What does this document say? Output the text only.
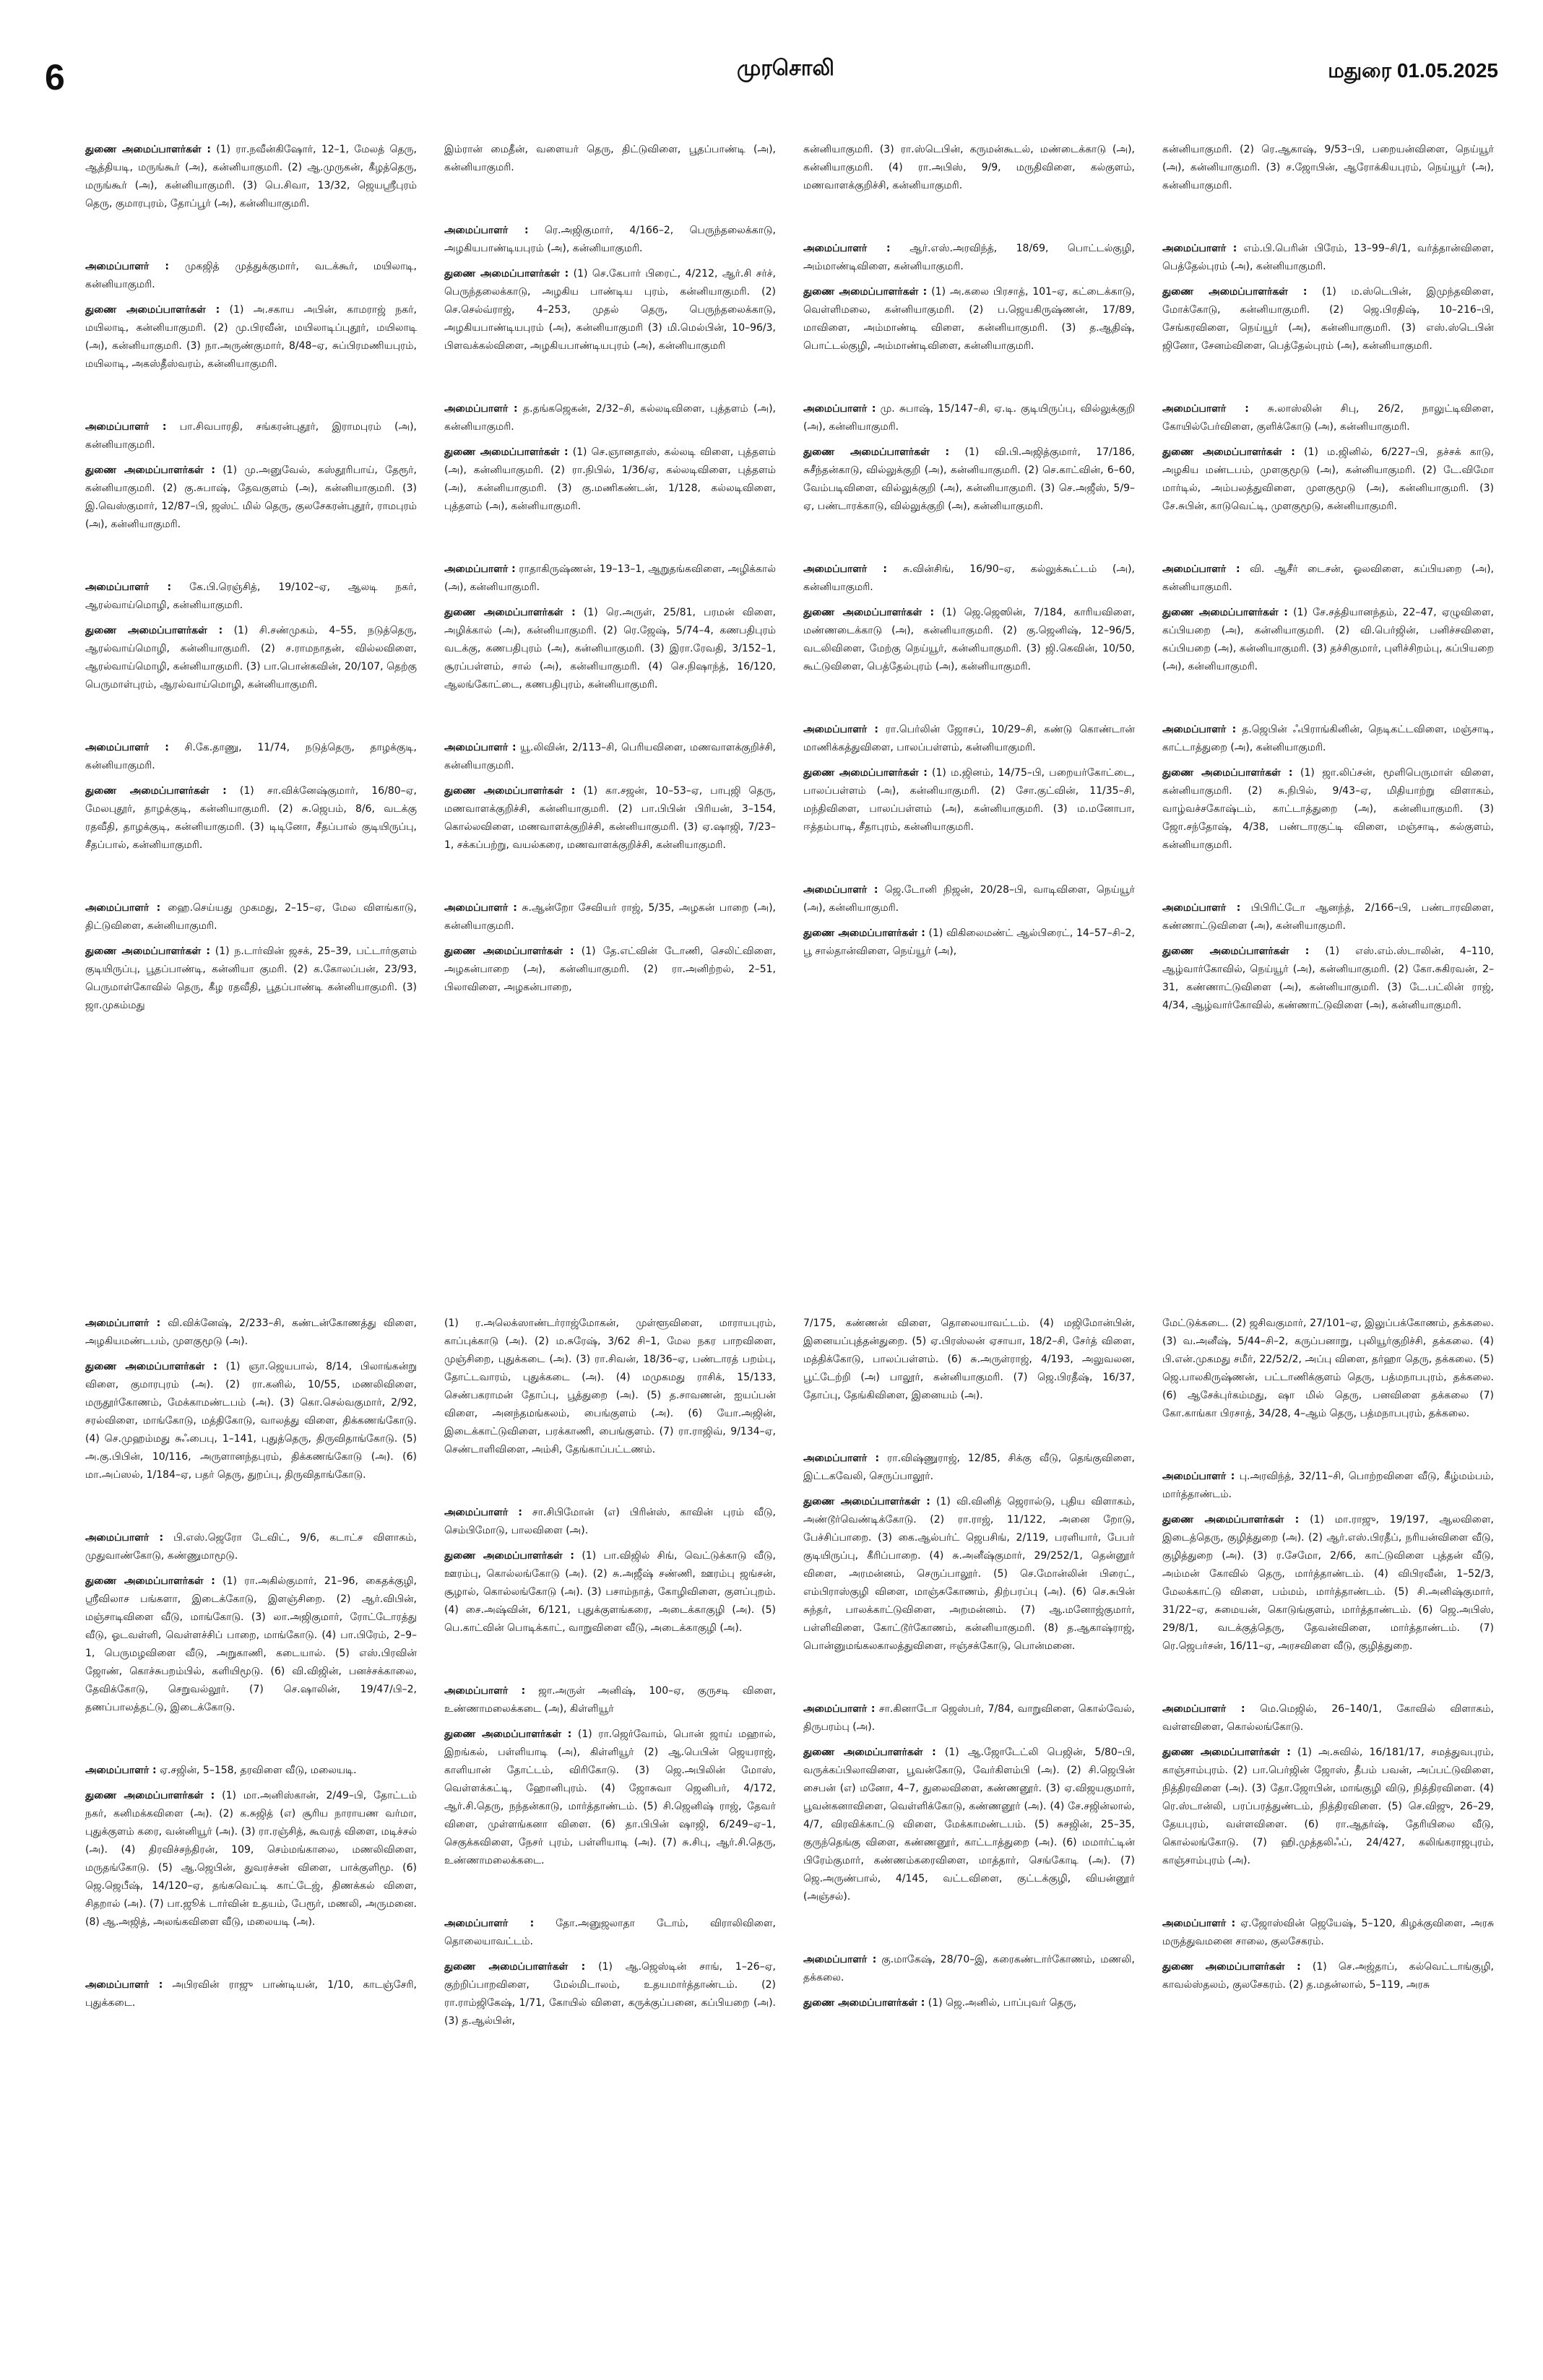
6	முரசொலி	மதுரை 01.05.2025

துணை அமைப்பாளர்கள் : (1) ரா.நவீன்கிஷோர், 12–1, மேலத் தெரு, ஆத்தியடி, மருங்கூர் (அ), கன்னியாகுமரி. (2) ஆ.முருகன், கீழத்தெரு, மருங்கூர் (அ), கன்னியாகுமரி. (3) பெ.சிவா, 13/32, ஜெயஸ்ரீபுரம் தெரு, குமாரபுரம், தோப்பூர் (அ), கன்னியாகுமரி.

அமைப்பாளர் : முகஜித் முத்துக்குமார், வடக்கூர், மயிலாடி, கன்னியாகுமரி.

துணை அமைப்பாளர்கள் : (1) அ.சகாய அபின், காமராஜ் நகர், மயிலாடி, கன்னியாகுமரி. (2) மு.பிரவீன், மயிலாடிப்புதூர், மயிலாடி (அ), கன்னியாகுமரி. (3) நா.அருண்குமார், 8/48–ஏ, சுப்பிரமணியபுரம், மயிலாடி, அகஸ்தீஸ்வரம், கன்னியாகுமரி.

அமைப்பாளர் : பா.சிவபாரதி, சங்கரன்புதூர், இராமபுரம் (அ), கன்னியாகுமரி.

துணை அமைப்பாளர்கள் : (1) மு.அனுவேல், கஸ்தூரிபாய், தேரூர், கன்னியாகுமரி. (2) கு.சுபாஷ், தேவகுளம் (அ), கன்னியாகுமரி. (3) இ.வெஸ்குமார், 12/87–பி, ஜஸ்ட் மில் தெரு, குலசேகரன்புதூர், ராமபுரம் (அ), கன்னியாகுமரி.

அமைப்பாளர் : கே.பி.ரெஞ்சித், 19/102–ஏ, ஆலடி நகர், ஆரல்வாய்மொழி, கன்னியாகுமரி.

துணை அமைப்பாளர்கள் : (1) சி.சண்முகம், 4–55, நடுத்தெரு, ஆரல்வாய்மொழி, கன்னியாகுமரி. (2) ச.ராமநாதன், வில்லவிளை, ஆரல்வாய்மொழி, கன்னியாகுமரி. (3) பா.பொன்கவின், 20/107, தெற்கு பெருமாள்புரம், ஆரல்வாய்மொழி, கன்னியாகுமரி.

அமைப்பாளர் : சி.கே.தாணு, 11/74, நடுத்தெரு, தாழக்குடி, கன்னியாகுமரி.

துணை அமைப்பாளர்கள் : (1) சா.விக்னேஷ்குமார், 16/80–ஏ, மேலபுதூர், தாழக்குடி, கன்னியாகுமரி. (2) சு.ஜெபம், 8/6, வடக்கு ரதவீதி, தாழக்குடி, கன்னியாகுமரி. (3) டிடினோ, சீதப்பால் குடியிருப்பு, சீதப்பால், கன்னியாகுமரி.

அமைப்பாளர் : ஹை.செய்யது முகமது, 2–15–ஏ, மேல விளங்காடு, திட்டுவிளை, கன்னியாகுமரி.

துணை அமைப்பாளர்கள் : (1) ந.டார்வின் ஜசக், 25–39, பட்டார்குளம் குடியிருப்பு, பூதப்பாண்டி, கன்னியா குமரி. (2) க.கோலப்பன், 23/93, பெருமாள்கோவில் தெரு, கீழ ரதவீதி, பூதப்பாண்டி கன்னியாகுமரி. (3) ஜா.முகம்மது

இம்ரான் மைதீன், வளையர் தெரு, திட்டுவிளை, பூதப்பாண்டி (அ), கன்னியாகுமரி.

அமைப்பாளர் : ரெ.அஜிகுமார், 4/166–2, பெருந்தலைக்காடு, அழகியபாண்டியபுரம் (அ), கன்னியாகுமரி.

துணை அமைப்பாளர்கள் : (1) செ.கேபார் பிரைட், 4/212, ஆர்.சி சர்ச், பெருந்தலைக்காடு, அழகிய பாண்டிய புரம், கன்னியாகுமரி. (2) செ.செல்வ்ராஜ், 4–253, முதல் தெரு, பெருந்தலைக்காடு, அழகியபாண்டியபுரம் (அ), கன்னியாகுமரி (3) மி.மெல்பின், 10–96/3, பிளவக்கல்விளை, அழகியபாண்டியபுரம் (அ), கன்னியாகுமரி

அமைப்பாளர் : த.தங்கஜெகன், 2/32–சி, கல்லடிவிளை, புத்தளம் (அ), கன்னியாகுமரி.

துணை அமைப்பாளர்கள் : (1) செ.ஞானதாஸ், கல்லடி விளை, புத்தளம் (அ), கன்னியாகுமரி. (2) ரா.நிபில், 1/36/ஏ, கல்லடிவிளை, புத்தளம் (அ), கன்னியாகுமரி. (3) கு.மணிகண்டன், 1/128, கல்லடிவிளை, புத்தளம் (அ), கன்னியாகுமரி.

அமைப்பாளர் : ராதாகிருஷ்ணன், 19–13–1, ஆறுதங்கவிளை, அழிக்கால் (அ), கன்னியாகுமரி.

துணை அமைப்பாளர்கள் : (1) ரெ.அருள், 25/81, பரமன் விளை, அழிக்கால் (அ), கன்னியாகுமரி. (2) ரெ.ஜேஷ், 5/74–4, கணபதிபுரம் வடக்கு, கணபதிபுரம் (அ), கன்னியாகுமரி. (3) இரா.ரேவதி, 3/152–1, சூரப்பள்ளம், சால் (அ), கன்னியாகுமரி. (4) செ.நிஷாந்த், 16/120, ஆலங்கோட்டை, கணபதிபுரம், கன்னியாகுமரி.

அமைப்பாளர் : யூ.லிவின், 2/113–சி, பெரியவிளை, மணவாளக்குறிச்சி, கன்னியாகுமரி.

துணை அமைப்பாளர்கள் : (1) கா.சஜன், 10–53–ஏ, பாபுஜி தெரு, மணவாளக்குறிச்சி, கன்னியாகுமரி. (2) பா.பிபின் பிரியன், 3–154, கொல்லவிளை, மணவாளக்குறிச்சி, கன்னியாகுமரி. (3) ஏ.ஷாஜி, 7/23–1, சக்கப்பற்று, வயல்கரை, மணவாளக்குறிச்சி, கன்னியாகுமரி.

அமைப்பாளர் : சு.ஆன்றோ சேவியர் ராஜ், 5/35, அழகன் பாறை (அ), கன்னியாகுமரி.

துணை அமைப்பாளர்கள் : (1) தே.எட்வின் டோணி, செலிட்விளை, அழகன்பாறை (அ), கன்னியாகுமரி. (2) ரா.அனிற்றல், 2–51, பிலாவிளை, அழகன்பாறை,

கன்னியாகுமரி. (3) ரா.ஸ்டெபின், கருமன்கூடல், மண்டைக்காடு (அ), கன்னியாகுமரி. (4) ரா.அபிஸ், 9/9, மருதிவிளை, கல்குளம், மணவாளக்குறிச்சி, கன்னியாகுமரி.

அமைப்பாளர் : ஆர்.எஸ்.அரவிந்த், 18/69, பொட்டல்குழி, அம்மாண்டிவிளை, கன்னியாகுமரி.

துணை அமைப்பாளர்கள் : (1) அ.கலை பிரசாத், 101–ஏ, கட்டைக்காடு, வெள்ளிமலை, கன்னியாகுமரி. (2) ப.ஜெயகிருஷ்ணன், 17/89, மாவிளை, அம்மாண்டி விளை, கன்னியாகுமரி. (3) த.ஆதிஷ், பொட்டல்குழி, அம்மாண்டிவிளை, கன்னியாகுமரி.

அமைப்பாளர் : மு. சுபாஷ், 15/147–சி, ஏ.டி. குடியிருப்பு, வில்லுக்குறி (அ), கன்னியாகுமரி.

துணை அமைப்பாளர்கள் : (1) வி.பி.அஜித்குமார், 17/186, சுசீந்தன்காடு, வில்லுக்குறி (அ), கன்னியாகுமரி. (2) செ.காட்வின், 6–60, வேம்படிவிளை, வில்லுக்குறி (அ), கன்னியாகுமரி. (3) செ.அஜீஸ், 5/9–ஏ, பண்டாரக்காடு, வில்லுக்குறி (அ), கன்னியாகுமரி.

அமைப்பாளர் : சு.வின்சிங், 16/90–ஏ, கல்லுக்கூட்டம் (அ), கன்னியாகுமரி.

துணை அமைப்பாளர்கள் : (1) ஜெ.ஜெஸின், 7/184, காரியவிளை, மண்ணடைக்காடு (அ), கன்னியாகுமரி. (2) கு.ஜெனிஷ், 12–96/5, வடலிவிளை, மேற்கு நெய்யூர், கன்னியாகுமரி. (3) ஜி.கெவின், 10/50, கூட்டுவிளை, பெத்தேல்புரம் (அ), கன்னியாகுமரி.

அமைப்பாளர் : ரா.பெர்லின் ஜோசப், 10/29–சி, கண்டு கொண்டான் மாணிக்கத்துவிளை, பாலப்பள்ளம், கன்னியாகுமரி.

துணை அமைப்பாளர்கள் : (1) ம.ஜினம், 14/75–பி, பறையர்கோட்டை, பாலப்பள்ளம் (அ), கன்னியாகுமரி. (2) சோ.குட்வின், 11/35–சி, மந்திவிளை, பாலப்பள்ளம் (அ), கன்னியாகுமரி. (3) ம.மனோபா, ஈத்தம்பாடி, சீதாபுரம், கன்னியாகுமரி.

அமைப்பாளர் : ஜெ.டோனி நிஜன், 20/28–பி, வாடிவிளை, நெய்யூர் (அ), கன்னியாகுமரி.

துணை அமைப்பாளர்கள் : (1) விகிலைமண்ட் ஆல்பிரைட், 14–57–சி–2, பூ சால்தான்விளை, நெய்யூர் (அ),

கன்னியாகுமரி. (2) ரெ.ஆகாஷ், 9/53–பி, பறையன்விளை, நெய்யூர் (அ), கன்னியாகுமரி. (3) ச.ஜோபின், ஆரோக்கியபுரம், நெய்யூர் (அ), கன்னியாகுமரி.

அமைப்பாளர் : எம்.பி.பெரின் பிரேம், 13–99–சி/1, வர்த்தான்விளை, பெத்தேல்புரம் (அ), கன்னியாகுமரி.

துணை அமைப்பாளர்கள் : (1) ம.ஸ்டெபின், இமுந்தவிளை, மோக்கோடு, கன்னியாகுமரி. (2) ஜெ.பிரதிஷ், 10–216–பி, சேங்கரவிளை, நெய்யூர் (அ), கன்னியாகுமரி. (3) எஸ்.ஸ்டெபின் ஜினோ, சேனம்விளை, பெத்தேல்புரம் (அ), கன்னியாகுமரி.

அமைப்பாளர் : சு.லாஸ்லின் சிபு, 26/2, நாலுட்டிவிளை, கோயில்பேர்விளை, குளிக்கோடு (அ), கன்னியாகுமரி.

துணை அமைப்பாளர்கள் : (1) ம.ஜினில், 6/227–பி, தச்சக் காடு, அழகிய மண்டபம், முளகுமூடு (அ), கன்னியாகுமரி. (2) டே.விமோ மார்டில், அம்பலத்துவிளை, முளகுமூடு (அ), கன்னியாகுமரி. (3) சே.சுபின், காடுவெட்டி, முளகுமூடு, கன்னியாகுமரி.

அமைப்பாளர் : வி. ஆசீர் டைசன், ஓலவிளை, கப்பியறை (அ), கன்னியாகுமரி.

துணை அமைப்பாளர்கள் : (1) சே.சத்தியானந்தம், 22–47, ஏழுவிளை, கப்பியறை (அ), கன்னியாகுமரி. (2) வி.பெர்ஜின், பனிச்சவிளை, கப்பியறை (அ), கன்னியாகுமரி. (3) தச்சிகுமார், புளிச்சிறம்பு, கப்பியறை (அ), கன்னியாகுமரி.

அமைப்பாளர் : த.ஜெபின் ஃபிராங்கினின், நெடிகட்டவிளை, மஞ்சாடி, காட்டாத்துறை (அ), கன்னியாகுமரி.

துணை அமைப்பாளர்கள் : (1) ஜா.லிப்சன், மூளிபெருமாள் விளை, கன்னியாகுமரி. (2) சு.நிபில், 9/43–ஏ, மிதியாற்று விளாகம், வாழ்வச்சகோஷ்டம், காட்டாத்துறை (அ), கன்னியாகுமரி. (3) ஜோ.சந்தோஷ், 4/38, பண்டாரகுட்டி விளை, மஞ்சாடி, கல்குளம், கன்னியாகுமரி.

அமைப்பாளர் : பிபிரிட்டோ ஆனந்த், 2/166–பி, பண்டாரவிளை, கண்ணாட்டுவிளை (அ), கன்னியாகுமரி.

துணை அமைப்பாளர்கள் : (1) எஸ்.எம்.ஸ்டாலின், 4–110, ஆழ்வார்கோவில், நெய்யூர் (அ), கன்னியாகுமரி. (2) கோ.சுகிரவன், 2–31, கண்ணாட்டுவிளை (அ), கன்னியாகுமரி. (3) டே.பட்லின் ராஜ், 4/34, ஆழ்வார்கோவில், கண்ணாட்டுவிளை (அ), கன்னியாகுமரி.

அமைப்பாளர் : வி.விக்னேஷ், 2/233–சி, கண்டன்கோணத்து விளை, அழகியமண்டபம், முளகுமூடு (அ).

துணை அமைப்பாளர்கள் : (1) ஞா.ஜெயபால், 8/14, பிலாங்கன்று விளை, குமாரபுரம் (அ). (2) ரா.கனில், 10/55, மணலிவிளை, மருதூர்கோணம், மேக்காமண்டபம் (அ). (3) கொ.செல்வகுமார், 2/92, சரல்விளை, மாங்கோடு, மத்திகோடு, வாலத்து விளை, திக்கணங்கோடு. (4) செ.முஹம்மது சுஃபைபு, 1–141, புதுத்தெரு, திருவிதாங்கோடு. (5) அ.கு.பிபின், 10/116, அருளானந்தபுரம், திக்கணங்கோடு (அ). (6) மா.அப்ஸல், 1/184–ஏ, பதர் தெரு, துறப்பு, திருவிதாங்கோடு.

அமைப்பாளர் : பி.எஸ்.ஜெரோ டேவிட், 9/6, கடாட்ச விளாகம், முதுவாண்கோடு, கண்ணுமாமூடு.

துணை அமைப்பாளர்கள் : (1) ரா.அகில்குமார், 21–96, கைதக்குழி, ஸ்ரீவிலாச பங்களா, இடைக்கோடு, இளஞ்சிறை. (2) ஆர்.விபின், மஞ்சாடிவிளை வீடு, மாங்கோடு. (3) லா.அஜிகுமார், ரோட்டோரத்து வீடு, ஓடவள்ளி, வெள்ளச்சிப் பாறை, மாங்கோடு. (4) பா.பிரேம், 2–9–1, பெருமழவிளை வீடு, அறுகாணி, கடையால். (5) எஸ்.பிரவின் ஜோண், கொச்சுபறம்பில், களியிமூடு. (6) வி.விஜின், பனச்சக்காலை, தேவிக்கோடு, செறுவல்லூர். (7) செ.ஷாலின், 19/47/பி–2, தணப்பாலத்தட்டு, இடைக்கோடு.

அமைப்பாளர் : ஏ.சஜின், 5–158, தரவிளை வீடு, மலையடி.

துணை அமைப்பாளர்கள் : (1) மா.அனிஸ்கான், 2/49–பி, தோட்டம் நகர், கனிமக்கவிளை (அ). (2) க.சுஜித் (எ) சூரிய நாராயண வர்மா, புதுக்குளம் கரை, வன்னியூர் (அ). (3) ரா.ரஞ்சித், கூவரத் விளை, மடிச்சல் (அ). (4) திரவிச்சந்திரன், 109, செம்மங்காலை, மணலிவிளை, மருதங்கோடு. (5) ஆ.ஜெபின், துவரச்சன் விளை, பாக்குளிமூ. (6) ஜெ.ஜெபீஷ், 14/120–ஏ, தங்கவெட்டி காட்டேஜ், திணக்கல் விளை, சிதறால் (அ). (7) பா.ஜூக் டார்வின் உதயம், பேரூர், மணலி, அருமனை. (8) ஆ.அஜித், அலங்கவிளை வீடு, மலையடி (அ).

அமைப்பாளர் : அபிரவின் ராஜு பாண்டியன், 1/10, காடஞ்சேரி, புதுக்கடை.

(1) ர.அலெக்ஸாண்டர்ராஜ்மோகன், முள்ளூவிளை, மாராயபுரம், காப்புக்காடு (அ). (2) ம.சுரேஷ், 3/62 சி–1, மேல நகர பாறவிளை, முஞ்சிறை, புதுக்கடை (அ). (3) ரா.சிவன், 18/36–ஏ, பண்டாரத் பறம்பு, தோட்டவாரம், புதுக்கடை (அ). (4) மமுகமது ராசிக், 15/133, செண்பகராமன் தோப்பு, பூத்துறை (அ). (5) த.சாவணன், ஐயப்பன் விளை, அனந்தமங்கலம், பைங்குளம் (அ). (6) யோ.அஜின், இடைக்காட்டுவிளை, பரக்காணி, பைங்குளம். (7) ரா.ராஜிவ், 9/134–ஏ, செண்டாளிவிளை, அம்சி, தேங்காப்பட்டணம்.

அமைப்பாளர் : சா.சிபிமோன் (எ) பிரின்ஸ், காவின் புரம் வீடு, செம்பிமோடு, பாலவிளை (அ).

துணை அமைப்பாளர்கள் : (1) பா.விஜில் சிங், வெட்டுக்காடு வீடு, ஊரம்பு, கொல்லங்கோடு (அ). (2) சு.அஜீஷ் சண்ணி, ஊரம்பு ஜங்சன், சூழால், கொல்லங்கோடு (அ). (3) பசாம்நாத், கோழிவிளை, குளப்புறம். (4) சை.அஷ்வின், 6/121, புதுக்குளங்கரை, அடைக்காகுழி (அ). (5) பெ.காட்வின் பொடிக்காட், வாறுவிளை வீடு, அடைக்காகுழி (அ).

அமைப்பாளர் : ஜா.அருள் அனிஷ், 100–ஏ, குருசடி விளை, உண்ணாமலைக்கடை (அ), கிள்ளியூர்

துணை அமைப்பாளர்கள் : (1) ரா.ஜெர்வோம், பொன் ஜாய் மஹால், இறங்கல், பள்ளியாடி (அ), கிள்ளியூர் (2) ஆ.பெபின் ஜெயராஜ், காளியான் தோட்டம், விரிகோடு. (3) ஜெ.அபிலின் மோஸ், வெள்ளக்கட்டி, ஹோனிபுரம். (4) ஜோசுவா ஜெனிபர், 4/172, ஆர்.சி.தெரு, நந்தன்காடு, மார்த்தாண்டம். (5) சி.ஜெனிஷ் ராஜ், தேவர் விளை, முள்ளங்கனா விளை. (6) தா.பிபின் ஷாஜி, 6/249–ஏ–1, செகுக்கவிளை, நேசர் புரம், பள்ளியாடி (அ). (7) சு.சிபு, ஆர்.சி.தெரு, உண்ணாமலைக்கடை.

அமைப்பாளர் : தோ.அனுஜலாதா டோம், விராலிவிளை, தொலையாவட்டம்.

துணை அமைப்பாளர்கள் : (1) ஆ.ஜெஸ்டின் சாங், 1–26–ஏ, குற்றிப்பாறவிளை, மேல்மிடாலம், உதயமார்த்தாண்டம். (2) ரா.ராம்ஜிகேஷ், 1/71, கோயில் விளை, கருக்குப்பனை, கப்பியறை (அ). (3) த.ஆல்பின்,

7/175, கண்ணன் விளை, தொலையாவட்டம். (4) மஜிமோன்பின், இனையப்புத்தன்துறை. (5) ஏ.பிரஸ்லன் ஏசாயா, 18/2–சி, சேர்த் விளை, மத்திக்கோடு, பாலப்பள்ளம். (6) சு.அருள்ராஜ், 4/193, அலுவலன, பூட்டேற்றி (அ) பாலூர், கன்னியாகுமரி. (7) ஜெ.பிரதீஷ், 16/37, தோப்பு, தேங்கிவிளை, இனையம் (அ).

அமைப்பாளர் : ரா.விஷ்ணுராஜ், 12/85, சிக்கு வீடு, தெங்குவிளை, இட்டகவேலி, செருப்பாலூர்.

துணை அமைப்பாளர்கள் : (1) வி.வினித் ஜெரால்டு, புதிய விளாகம், அண்டூர்வெண்டிக்கோடு. (2) ரா.ராஜ், 11/122, அனை றோடு, பேச்சிப்பாறை. (3) கை.ஆல்பர்ட் ஜெபசிங், 2/119, பரளியார், பேபர் குடியிருப்பு, கீரிப்பாறை. (4) சு.அனீஷ்குமார், 29/252/1, தென்னூர் விளை, அரமன்னம், செருப்பாலூர். (5) செ.மோன்லின் பிரைட், எம்பிராஸ்குழி விளை, மாஞ்சுகோணம், திற்பரப்பு (அ). (6) செ.சுபின் சுந்தர், பாலக்காட்டுவிளை, அறமன்னம். (7) ஆ.மனோஜ்குமார், பள்ளிவிளை, கோட்டூர்கோணம், கன்னியாகுமரி. (8) த.ஆகாஷ்ராஜ், பொன்னுமங்கலகாலத்துவிளை, ஈஞ்சக்கோடு, பொன்மனை.

அமைப்பாளர் : சா.கினாடோ ஜெஸ்பர், 7/84, வாறுவிளை, கொல்வேல், திருபரம்பு (அ).

துணை அமைப்பாளர்கள் : (1) ஆ.ஜோடேட்லி பெஜின், 5/80–பி, வருக்கப்பிலாவிளை, பூவன்கோடு, வேர்கிளம்பி (அ). (2) சி.ஜெபின் சைபன் (எ) மனோ, 4–7, துலைவிளை, கண்ணனூர். (3) ஏ.விஜயகுமார், பூவன்கனாவிளை, வெள்ளிக்கோடு, கண்ணனூர் (அ). (4) சே.சஜின்லால், 4/7, விரவிக்காட்டு விளை, மேக்காமண்டபம். (5) சுசஜின், 25–35, குருந்தெங்கு விளை, கண்ணனூர், காட்டாத்துறை (அ). (6) மமார்ட்டின் பிரேம்குமார், கண்ணம்கரைவிளை, மாத்தார், செங்கோடி (அ). (7) ஜெ.அருண்பால், 4/145, வட்டவிளை, குட்டக்குழி, வியன்னூர் (அஞ்சல்).

அமைப்பாளர் : கு.மாகேஷ், 28/70–இ, கரைகண்டார்கோணம், மணலி, தக்கலை.

துணை அமைப்பாளர்கள் : (1) ஜெ.அனில், பாப்புவர் தெரு,

மேட்டுக்கடை. (2) ஜசிவகுமார், 27/101–ஏ, இலுப்பக்கோணம், தக்கலை. (3) வ.அனீஷ், 5/44–சி–2, கருப்பனாறு, புலியூர்குறிச்சி, தக்கலை. (4) பி.என்.முகமது சமீர், 22/52/2, அப்பு விளை, தர்ஹா தெரு, தக்கலை. (5) ஜெ.பாலகிருஷ்ணன், பட்டாணிக்குளம் தெரு, பத்மநாபபுரம், தக்கலை. (6) ஆசேக்புர்கம்மது, ஷா மில் தெரு, பனவிளை தக்கலை (7) கோ.காங்கா பிரசாத், 34/28, 4–ஆம் தெரு, பத்மநாபபுரம், தக்கலை.

அமைப்பாளர் : பு.அரவிந்த், 32/11–சி, பொற்றவிளை வீடு, கீழ்மம்பம், மார்த்தாண்டம்.

துணை அமைப்பாளர்கள் : (1) மா.ராஜு, 19/197, ஆலவிளை, இடைத்தெரு, குழித்துறை (அ). (2) ஆர்.எஸ்.பிரதீப், நரியன்விளை வீடு, குழித்துறை (அ). (3) ர.சேமோ, 2/66, காட்டுவிளை புத்தன் வீடு, அம்மன் கோவில் தெரு, மார்த்தாண்டம். (4) விபிரவீன், 1–52/3, மேலக்காட்டு விளை, பம்மம், மார்த்தாண்டம். (5) சி.அனிஷ்குமார், 31/22–ஏ, சுமையன், கொடுங்குளம், மார்த்தாண்டம். (6) ஜெ.அபிஸ், 29/8/1, வடக்குத்தெரு, தேவன்விளை, மார்த்தாண்டம். (7) ரெ.ஜெபர்சன், 16/11–ஏ, அரசவிளை வீடு, குழித்துறை.

அமைப்பாளர் : மெ.மெஜில், 26–140/1, கோவில் விளாகம், வள்ளவிளை, கொல்லங்கோடு.

துணை அமைப்பாளர்கள் : (1) அ.சுவில், 16/181/17, சமத்துவபுரம், காஞ்சாம்புரம். (2) பா.பெர்ஜின் ஜோஸ், தீபம் பவன், அப்பட்டுவிளை, நித்திரவிளை (அ). (3) தோ.ஜோபின், மாங்குழி விடு, நித்திரவிளை. (4) ரெ.ஸ்டான்லி, பரப்பரத்துண்டம், நித்திரவிளை. (5) செ.விஜு, 26–29, தேயபுரம், வள்ளவிளை. (6) ரா.ஆதர்ஷ், தேரியிலை வீடு, கொல்லங்கோடு. (7) ஹி.முத்தலிஃப், 24/427, கலிங்கராஜபுரம், காஞ்சாம்புரம் (அ).

அமைப்பாளர் : ஏ.ஜோஸ்வின் ஜெயேஷ், 5–120, கிழக்குவிளை, அரசு மருத்துவமனை சாலை, குலசேகரம்.

துணை அமைப்பாளர்கள் : (1) செ.அஜ்தாப், கல்வெட்டாங்குழி, காவல்ஸ்தலம், குலசேகரம். (2) த.மதன்லால், 5–119, அரசு
